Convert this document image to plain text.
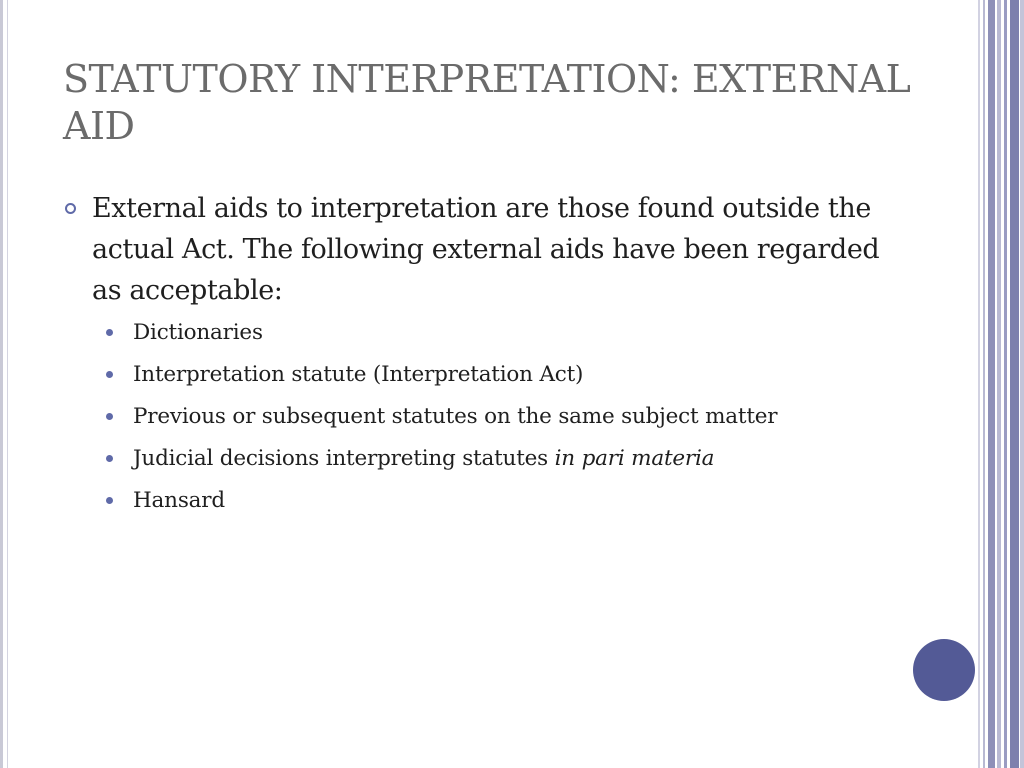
STATUTORY INTERPRETATION: EXTERNAL AID
External aids to interpretation are those found outside the actual Act. The following external aids have been regarded as acceptable:
Dictionaries
Interpretation statute (Interpretation Act)
Previous or subsequent statutes on the same subject matter
Judicial decisions interpreting statutes in pari materia
Hansard
